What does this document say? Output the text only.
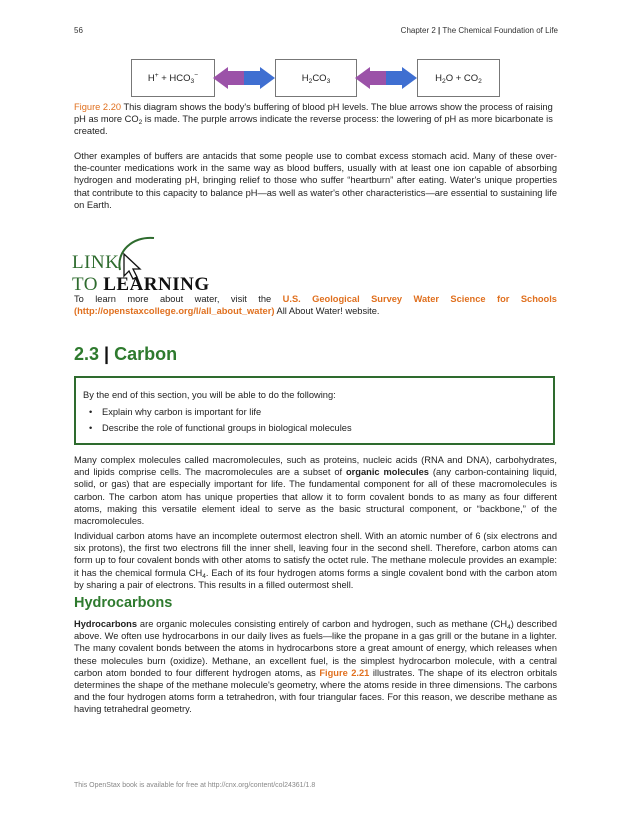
56	Chapter 2 | The Chemical Foundation of Life
$H^+ + HCO_3^-$	$H_2CO_3$	$H_2O + CO_2$
Figure 2.20 This diagram shows the body's buffering of blood pH levels. The blue arrows show the process of raising pH as more $CO_2$ is made. The purple arrows indicate the reverse process: the lowering of pH as more bicarbonate is created.
Other examples of buffers are antacids that some people use to combat excess stomach acid. Many of these over-the-counter medications work in the same way as blood buffers, usually with at least one ion capable of absorbing hydrogen and moderating pH, bringing relief to those who suffer “heartburn” after eating. Water's unique properties that contribute to this capacity to balance pH—as well as water's other characteristics—are essential to sustaining life on Earth.
LINK TO LEARNING
To learn more about water, visit the U.S. Geological Survey Water Science for Schools (http://openstaxcollege.org/l/all_about_water) All About Water! website.
2.3 | Carbon
By the end of this section, you will be able to do the following:
• Explain why carbon is important for life
• Describe the role of functional groups in biological molecules
Many complex molecules called macromolecules, such as proteins, nucleic acids (RNA and DNA), carbohydrates, and lipids comprise cells. The macromolecules are a subset of organic molecules (any carbon-containing liquid, solid, or gas) that are especially important for life. The fundamental component for all of these macromolecules is carbon. The carbon atom has unique properties that allow it to form covalent bonds to as many as four different atoms, making this versatile element ideal to serve as the basic structural component, or “backbone,” of the macromolecules.
Individual carbon atoms have an incomplete outermost electron shell. With an atomic number of 6 (six electrons and six protons), the first two electrons fill the inner shell, leaving four in the second shell. Therefore, carbon atoms can form up to four covalent bonds with other atoms to satisfy the octet rule. The methane molecule provides an example: it has the chemical formula $CH_4$. Each of its four hydrogen atoms forms a single covalent bond with the carbon atom by sharing a pair of electrons. This results in a filled outermost shell.
Hydrocarbons
Hydrocarbons are organic molecules consisting entirely of carbon and hydrogen, such as methane $(CH_4)$ described above. We often use hydrocarbons in our daily lives as fuels—like the propane in a gas grill or the butane in a lighter. The many covalent bonds between the atoms in hydrocarbons store a great amount of energy, which releases when these molecules burn (oxidize). Methane, an excellent fuel, is the simplest hydrocarbon molecule, with a central carbon atom bonded to four different hydrogen atoms, as Figure 2.21 illustrates. The shape of its electron orbitals determines the shape of the methane molecule's geometry, where the atoms reside in three dimensions. The carbons and the four hydrogen atoms form a tetrahedron, with four triangular faces. For this reason, we describe methane as having tetrahedral geometry.
This OpenStax book is available for free at http://cnx.org/content/col24361/1.8
